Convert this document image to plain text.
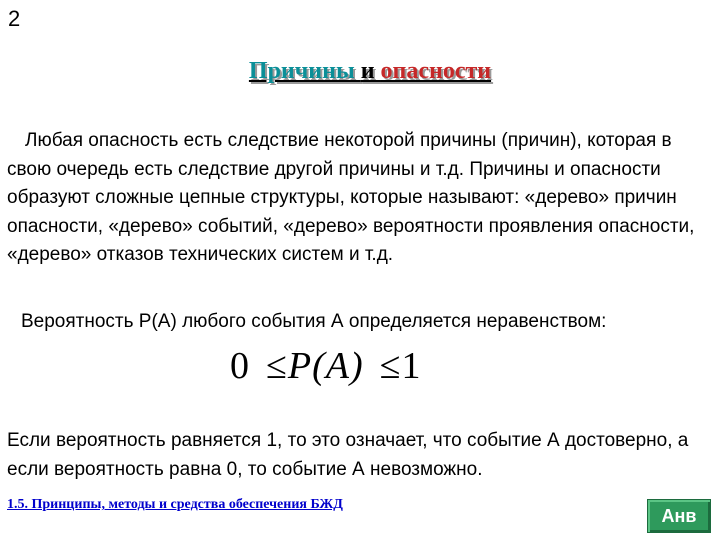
2
Причины и опасности

Любая опасность есть следствие некоторой причины (причин), которая в свою очередь есть следствие другой причины и т.д. Причины и опасности образуют сложные цепные структуры, которые называют: «дерево» причин опасности, «дерево» событий, «дерево» вероятности проявления опасности, «дерево» отказов технических систем и т.д.

Вероятность Р(А) любого события А определяется неравенством:

0 ≤P(A) ≤1

Если вероятность равняется 1, то это означает, что событие А достоверно, а если вероятность равна 0, то событие А невозможно.

1.5. Принципы, методы и средства обеспечения БЖД
Анв
